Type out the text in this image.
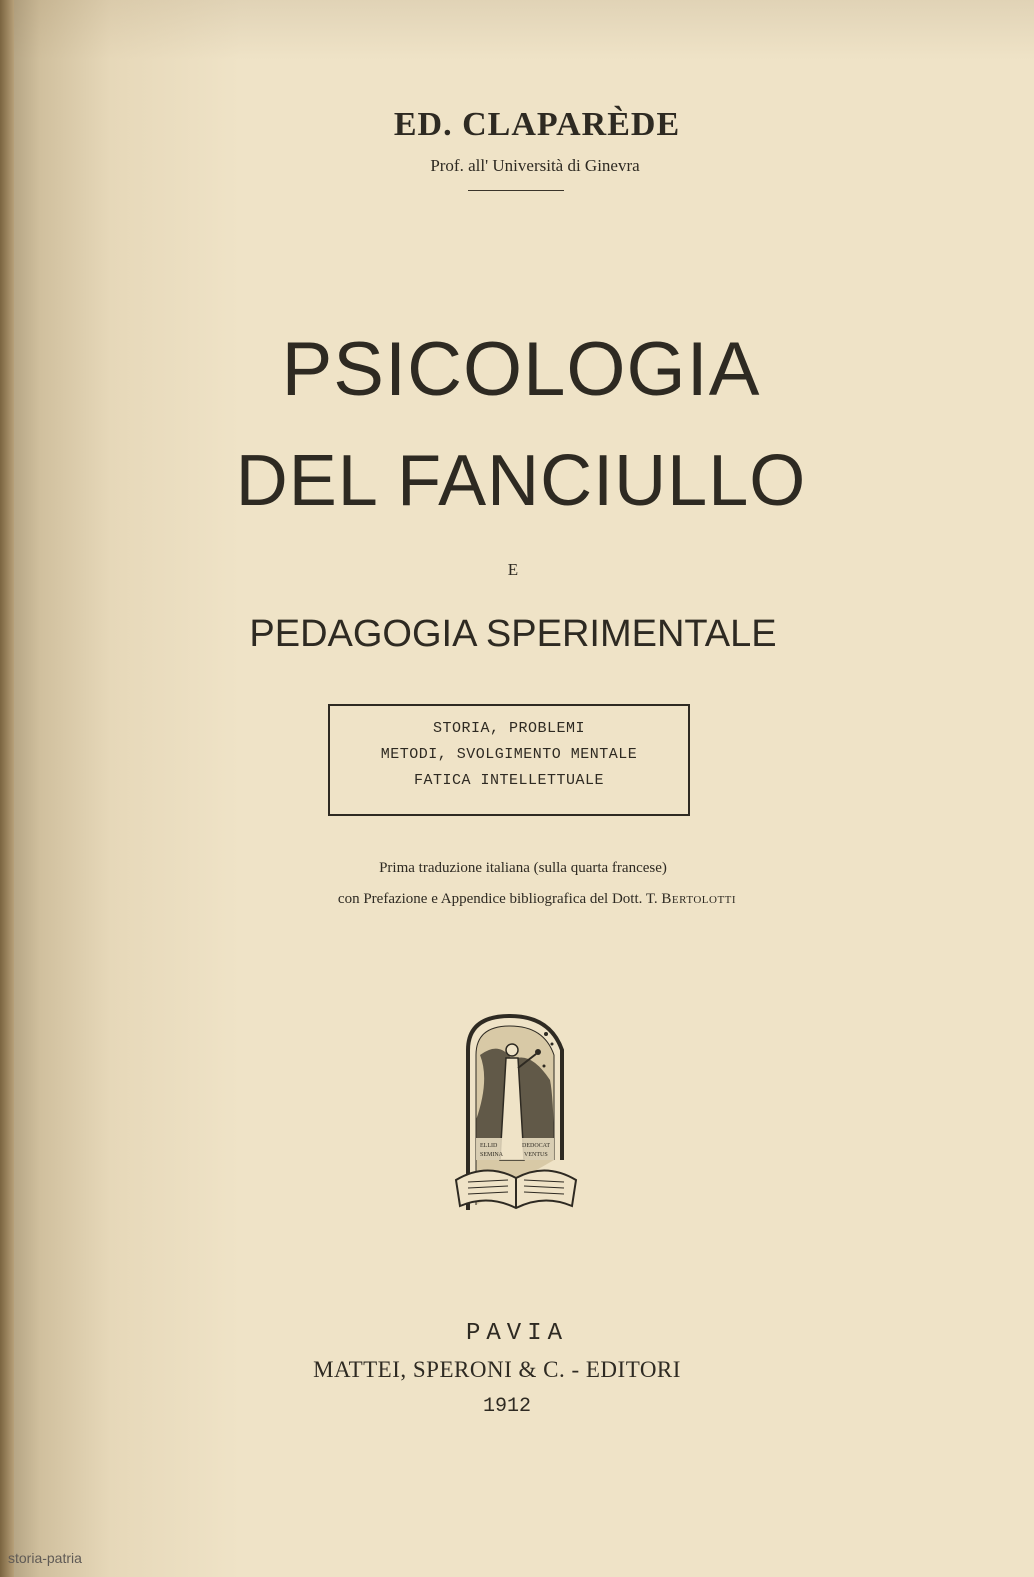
ED. CLAPARÈDE
Prof. all' Università di Ginevra
PSICOLOGIA
DEL FANCIULLO
E
PEDAGOGIA SPERIMENTALE
STORIA, PROBLEMI
METODI, SVOLGIMENTO MENTALE
FATICA INTELLETTUALE
Prima traduzione italiana (sulla quarta francese)
con Prefazione e Appendice bibliografica del Dott. T. Bertolotti
ELLID
SEMINA
DEDOCAT
VENTUS
PAVIA
MATTEI, SPERONI & C. - EDITORI
1912
storia-patria
